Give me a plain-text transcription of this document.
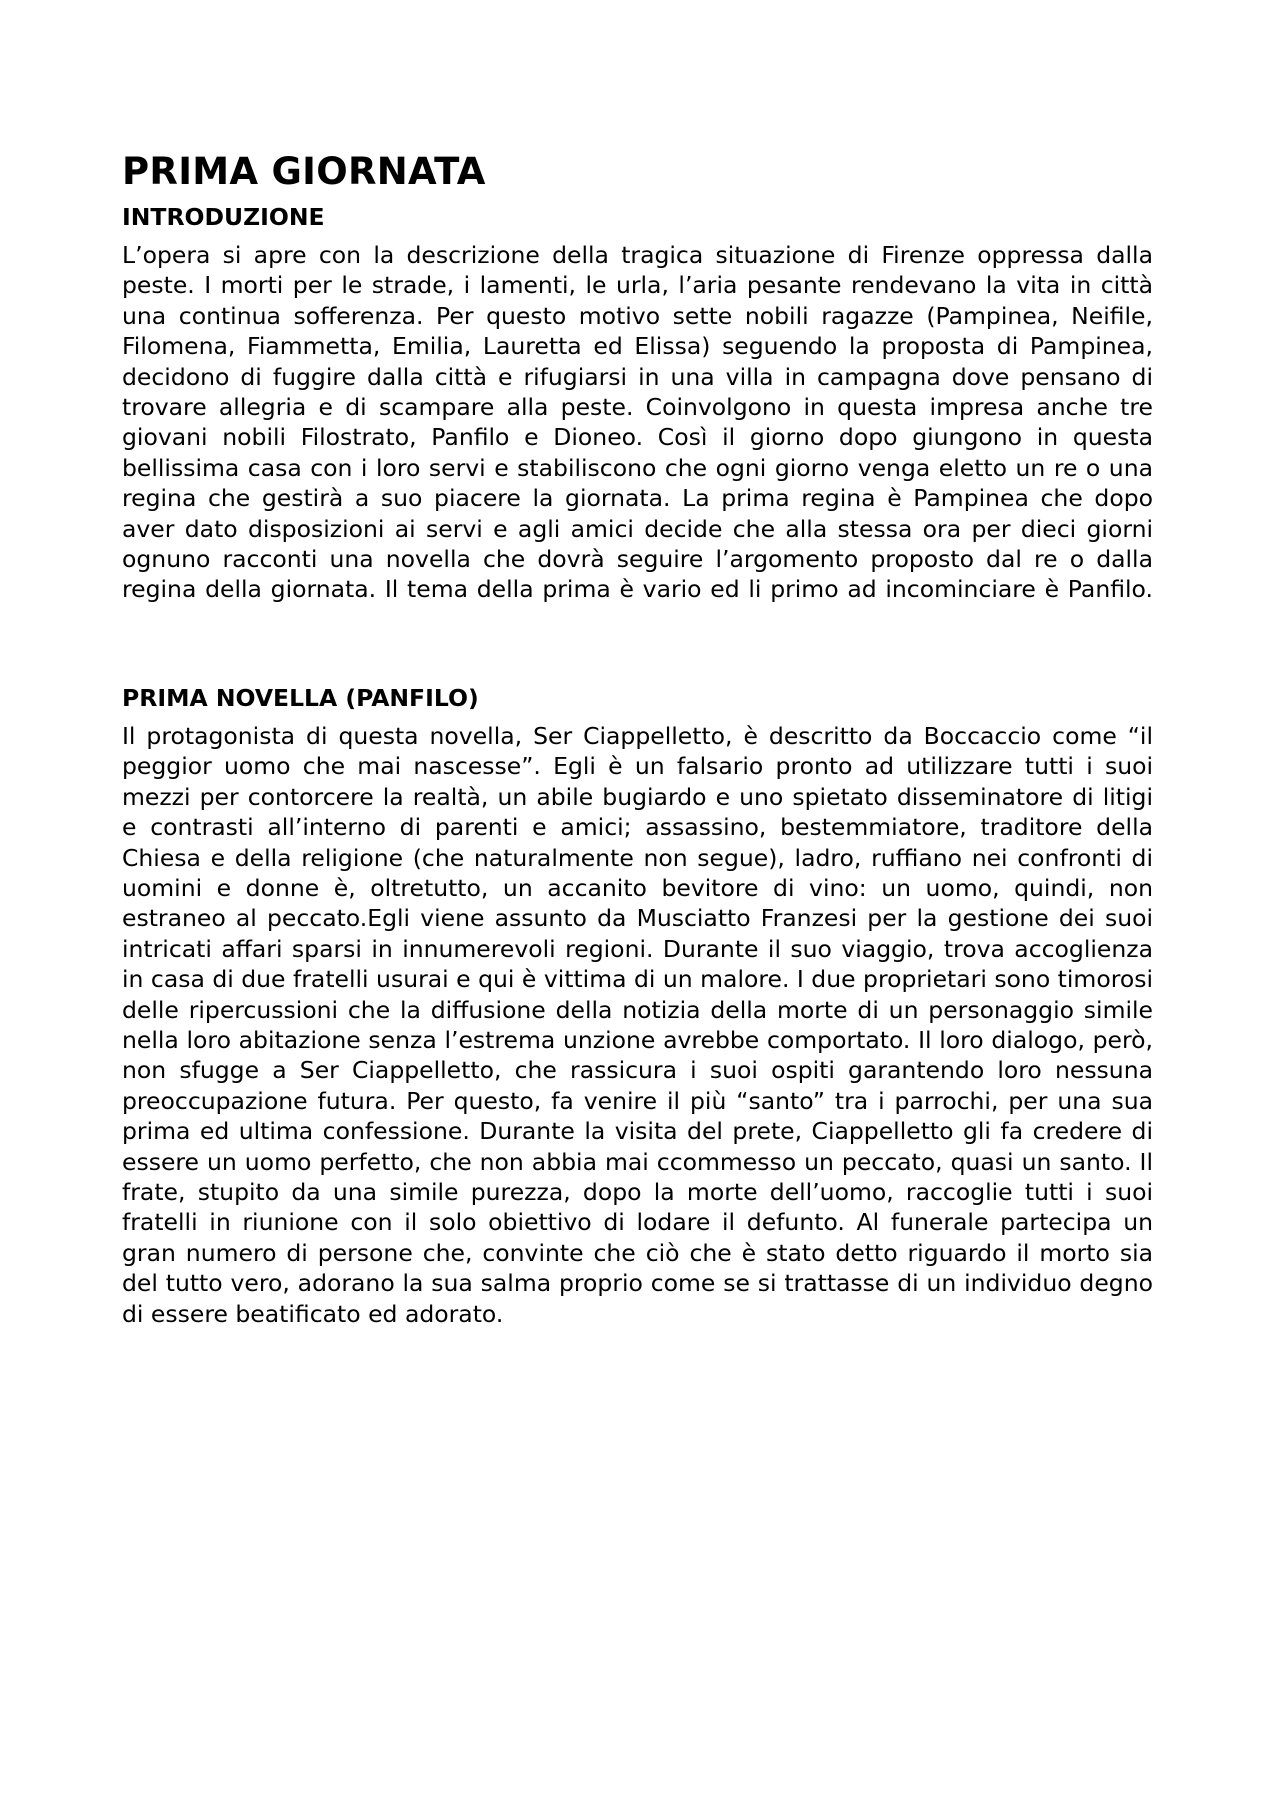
PRIMA GIORNATA
INTRODUZIONE

L’opera si apre con la descrizione della tragica situazione di Firenze oppressa dalla peste. I morti per le strade, i lamenti, le urla, l’aria pesante rendevano la vita in città una continua sofferenza. Per questo motivo sette nobili ragazze (Pampinea, Neifile, Filomena, Fiammetta, Emilia, Lauretta ed Elissa) seguendo la proposta di Pampinea, decidono di fuggire dalla città e rifugiarsi in una villa in campagna dove pensano di trovare allegria e di scampare alla peste. Coinvolgono in questa impresa anche tre giovani nobili Filostrato, Panfilo e Dioneo. Così il giorno dopo giungono in questa bellissima casa con i loro servi e stabiliscono che ogni giorno venga eletto un re o una regina che gestirà a suo piacere la giornata. La prima regina è Pampinea che dopo aver dato disposizioni ai servi e agli amici decide che alla stessa ora per dieci giorni ognuno racconti una novella che dovrà seguire l’argomento proposto dal re o dalla regina della giornata. Il tema della prima è vario ed li primo ad incominciare è Panfilo.

PRIMA NOVELLA (PANFILO)

Il protagonista di questa novella, Ser Ciappelletto, è descritto da Boccaccio come “il peggior uomo che mai nascesse”. Egli è un falsario pronto ad utilizzare tutti i suoi mezzi per contorcere la realtà, un abile bugiardo e uno spietato disseminatore di litigi e contrasti all’interno di parenti e amici; assassino, bestemmiatore, traditore della Chiesa e della religione (che naturalmente non segue), ladro, ruffiano nei confronti di uomini e donne è, oltretutto, un accanito bevitore di vino: un uomo, quindi, non estraneo al peccato.Egli viene assunto da Musciatto Franzesi per la gestione dei suoi intricati affari sparsi in innumerevoli regioni. Durante il suo viaggio, trova accoglienza in casa di due fratelli usurai e qui è vittima di un malore. I due proprietari sono timorosi delle ripercussioni che la diffusione della notizia della morte di un personaggio simile nella loro abitazione senza l’estrema unzione avrebbe comportato. Il loro dialogo, però, non sfugge a Ser Ciappelletto, che rassicura i suoi ospiti garantendo loro nessuna preoccupazione futura. Per questo, fa venire il più “santo” tra i parrochi, per una sua prima ed ultima confessione. Durante la visita del prete, Ciappelletto gli fa credere di essere un uomo perfetto, che non abbia mai ccommesso un peccato, quasi un santo. Il frate, stupito da una simile purezza, dopo la morte dell’uomo, raccoglie tutti i suoi fratelli in riunione con il solo obiettivo di lodare il defunto. Al funerale partecipa un gran numero di persone che, convinte che ciò che è stato detto riguardo il morto sia del tutto vero, adorano la sua salma proprio come se si trattasse di un individuo degno di essere beatificato ed adorato.
